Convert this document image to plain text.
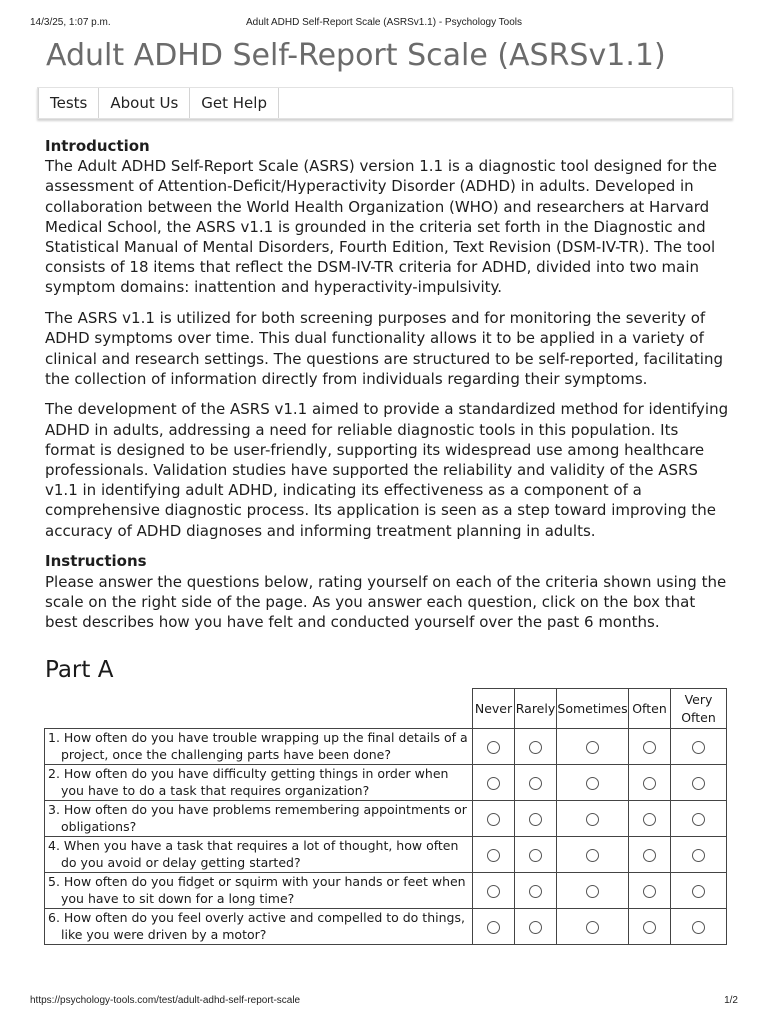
14/3/25, 1:07 p.m.	Adult ADHD Self-Report Scale (ASRSv1.1) - Psychology Tools
Adult ADHD Self-Report Scale (ASRSv1.1)
Tests	About Us	Get Help
Introduction

The Adult ADHD Self-Report Scale (ASRS) version 1.1 is a diagnostic tool designed for the assessment of Attention-Deficit/Hyperactivity Disorder (ADHD) in adults. Developed in collaboration between the World Health Organization (WHO) and researchers at Harvard Medical School, the ASRS v1.1 is grounded in the criteria set forth in the Diagnostic and Statistical Manual of Mental Disorders, Fourth Edition, Text Revision (DSM-IV-TR). The tool consists of 18 items that reflect the DSM-IV-TR criteria for ADHD, divided into two main symptom domains: inattention and hyperactivity-impulsivity.

The ASRS v1.1 is utilized for both screening purposes and for monitoring the severity of ADHD symptoms over time. This dual functionality allows it to be applied in a variety of clinical and research settings. The questions are structured to be self-reported, facilitating the collection of information directly from individuals regarding their symptoms.

The development of the ASRS v1.1 aimed to provide a standardized method for identifying ADHD in adults, addressing a need for reliable diagnostic tools in this population. Its format is designed to be user-friendly, supporting its widespread use among healthcare professionals. Validation studies have supported the reliability and validity of the ASRS v1.1 in identifying adult ADHD, indicating its effectiveness as a component of a comprehensive diagnostic process. Its application is seen as a step toward improving the accuracy of ADHD diagnoses and informing treatment planning in adults.

Instructions

Please answer the questions below, rating yourself on each of the criteria shown using the scale on the right side of the page. As you answer each question, click on the box that best describes how you have felt and conducted yourself over the past 6 months.

Part A
	Never	Rarely	Sometimes	Often	Very Often

1. How often do you have trouble wrapping up the final details of a project, once the challenging parts have been done?					

2. How often do you have difficulty getting things in order when you have to do a task that requires organization?					

3. How often do you have problems remembering appointments or obligations?					

4. When you have a task that requires a lot of thought, how often do you avoid or delay getting started?					

5. How often do you fidget or squirm with your hands or feet when you have to sit down for a long time?					

6. How often do you feel overly active and compelled to do things, like you were driven by a motor?					

https://psychology-tools.com/test/adult-adhd-self-report-scale	1/2
